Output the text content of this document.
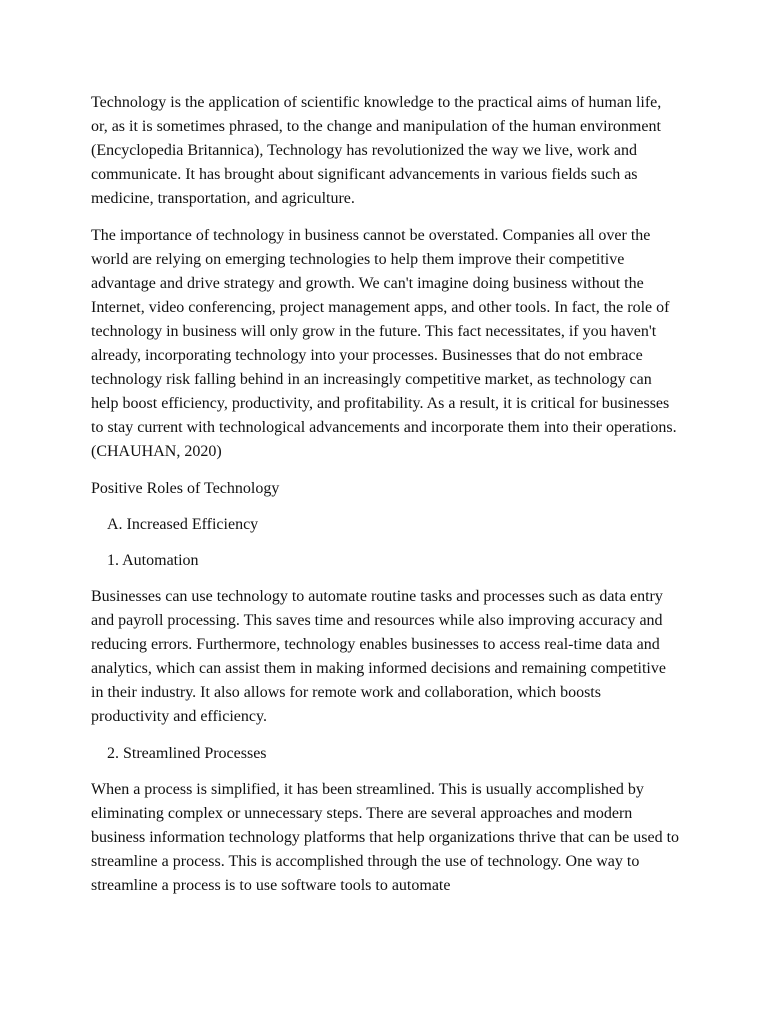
Technology is the application of scientific knowledge to the practical aims of human life, or, as it is sometimes phrased, to the change and manipulation of the human environment (Encyclopedia Britannica), Technology has revolutionized the way we live, work and communicate. It has brought about significant advancements in various fields such as medicine, transportation, and agriculture.

The importance of technology in business cannot be overstated. Companies all over the world are relying on emerging technologies to help them improve their competitive advantage and drive strategy and growth. We can't imagine doing business without the Internet, video conferencing, project management apps, and other tools. In fact, the role of technology in business will only grow in the future. This fact necessitates, if you haven't already, incorporating technology into your processes. Businesses that do not embrace technology risk falling behind in an increasingly competitive market, as technology can help boost efficiency, productivity, and profitability. As a result, it is critical for businesses to stay current with technological advancements and incorporate them into their operations.(CHAUHAN, 2020)

Positive Roles of Technology

A. Increased Efficiency

1. Automation

Businesses can use technology to automate routine tasks and processes such as data entry and payroll processing. This saves time and resources while also improving accuracy and reducing errors. Furthermore, technology enables businesses to access real-time data and analytics, which can assist them in making informed decisions and remaining competitive in their industry. It also allows for remote work and collaboration, which boosts productivity and efficiency.

2. Streamlined Processes

When a process is simplified, it has been streamlined. This is usually accomplished by eliminating complex or unnecessary steps. There are several approaches and modern business information technology platforms that help organizations thrive that can be used to streamline a process. This is accomplished through the use of technology. One way to streamline a process is to use software tools to automate
